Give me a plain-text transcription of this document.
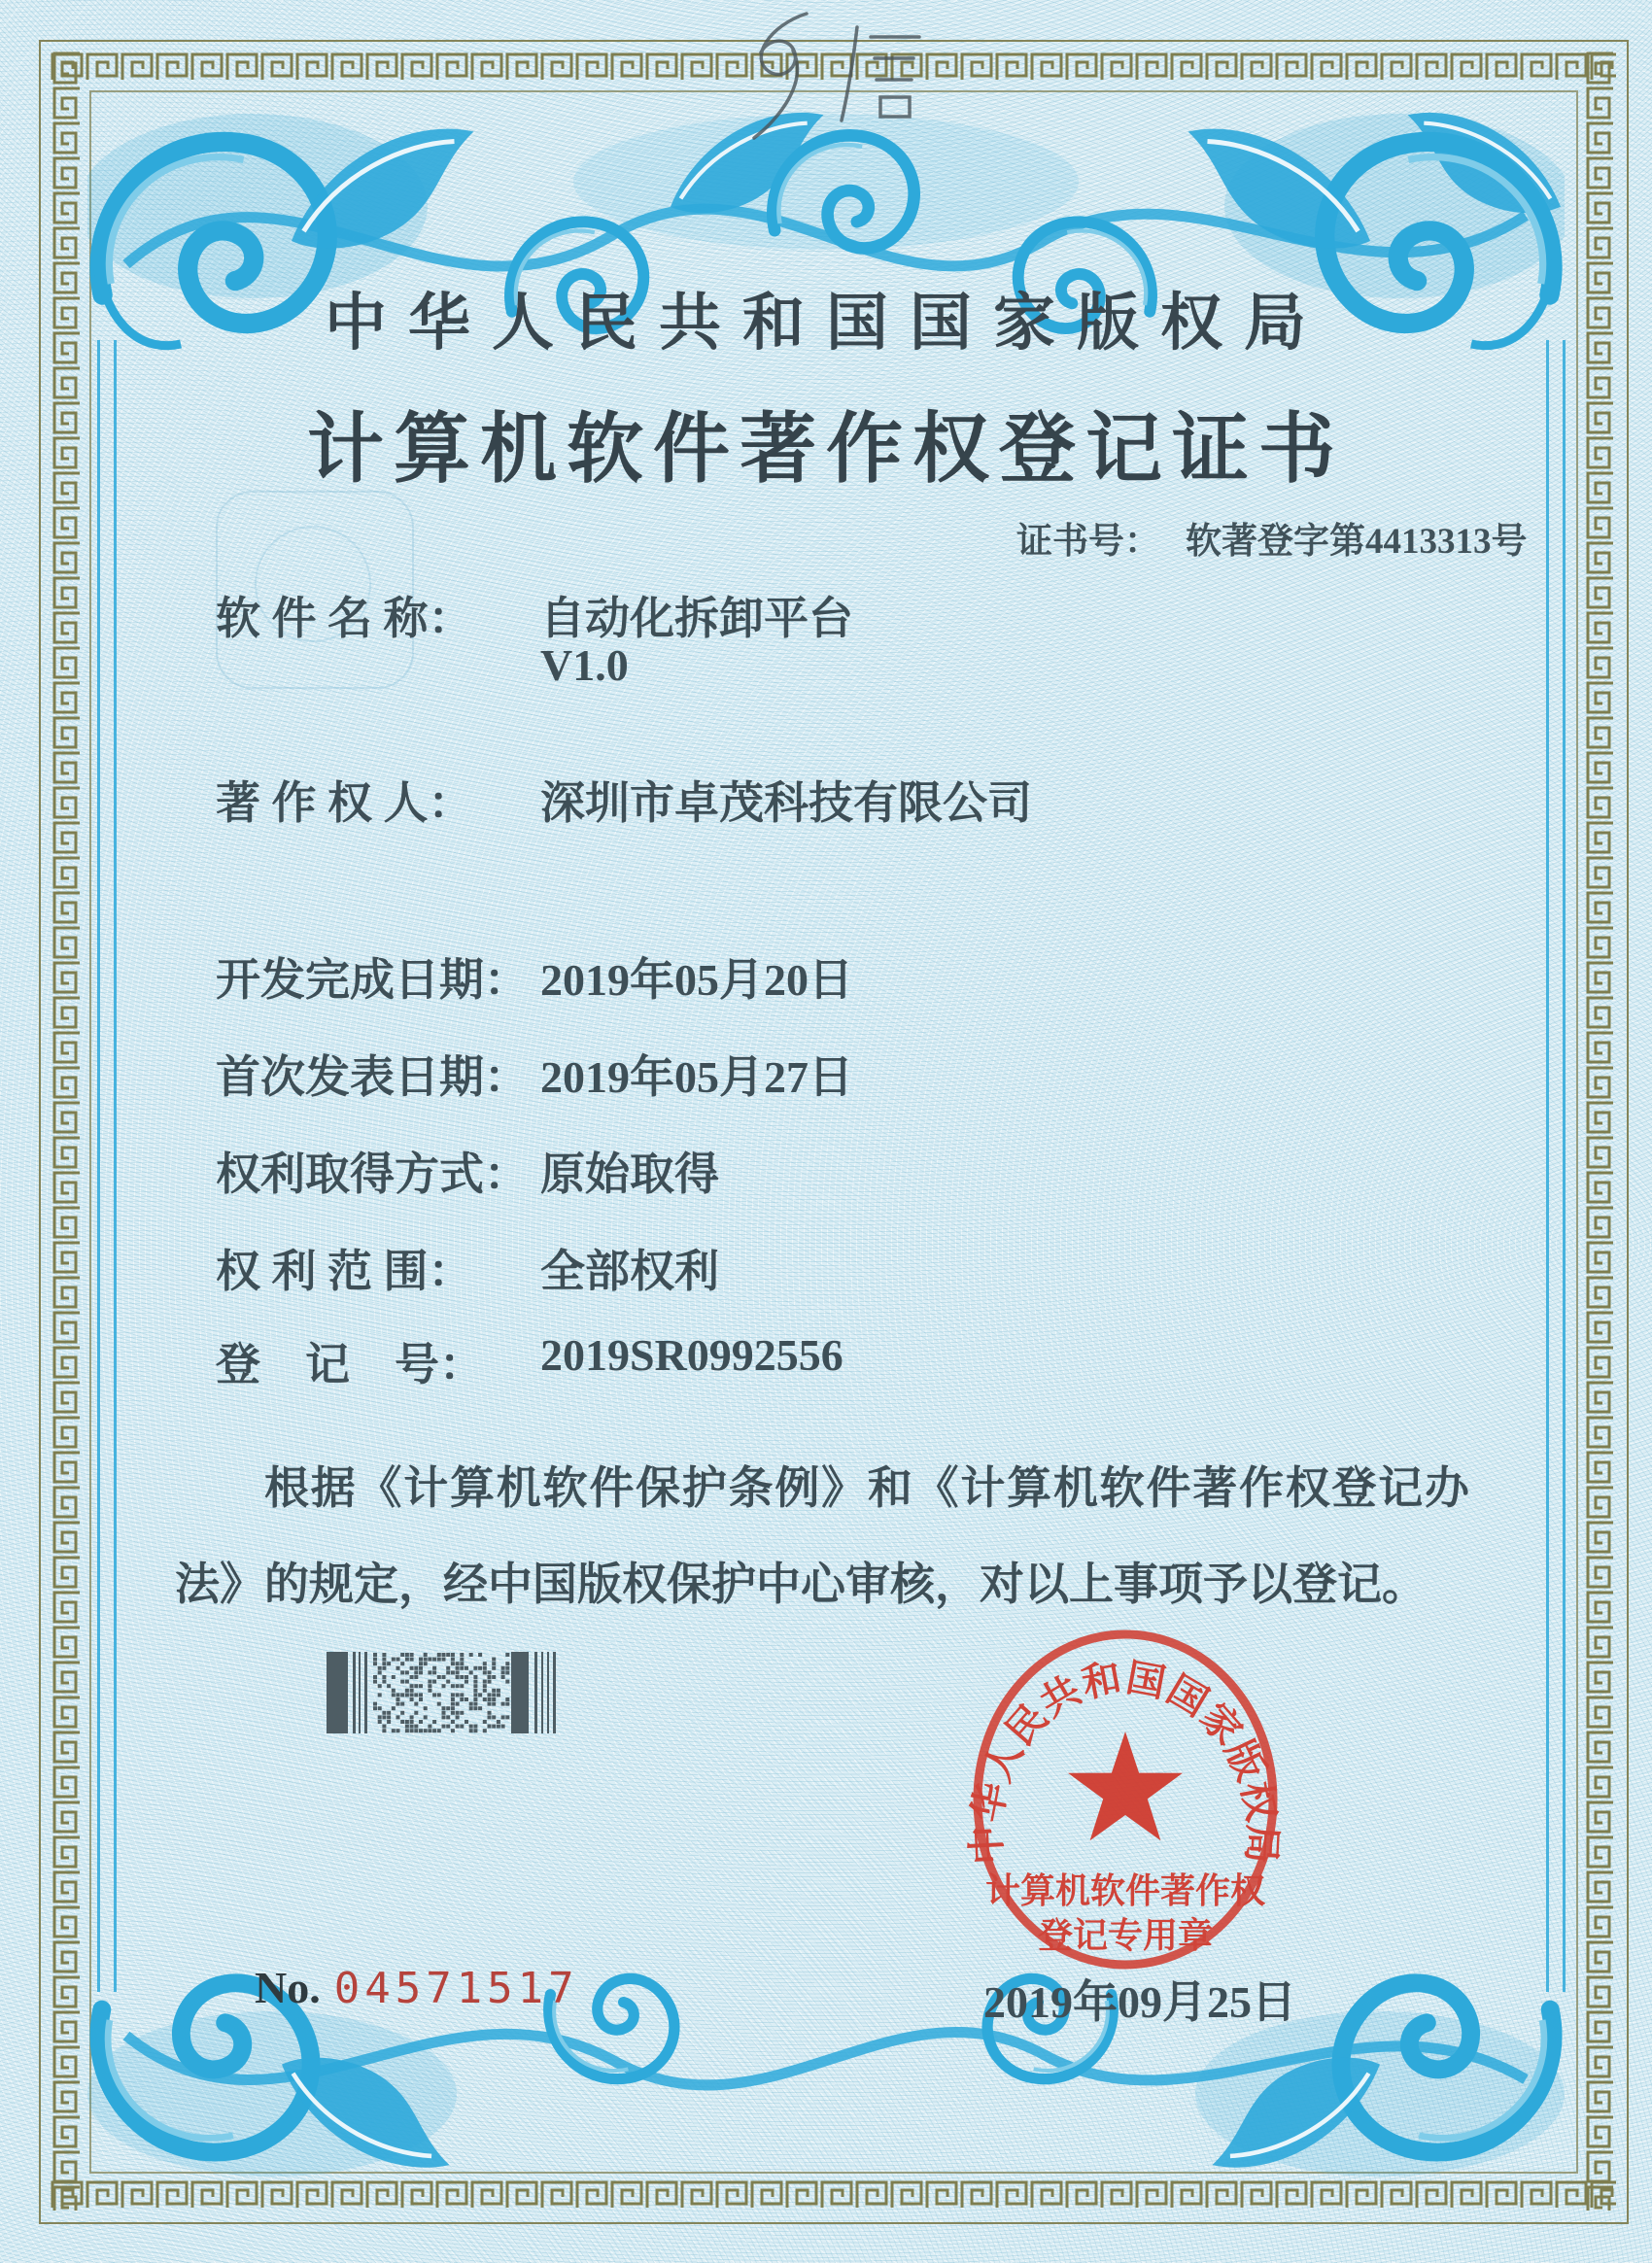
中华人民共和国国家版权局
计算机软件著作权登记证书
证书号： 软著登字第4413313号
软 件 名 称： 自动化拆卸平台
V1.0
著 作 权 人： 深圳市卓茂科技有限公司
开发完成日期： 2019年05月20日
首次发表日期： 2019年05月27日
权利取得方式： 原始取得
权 利 范 围： 全部权利
登　记　号： 2019SR0992556

根据《计算机软件保护条例》和《计算机软件著作权登记办法》的规定，经中国版权保护中心审核，对以上事项予以登记。

No. 04571517	2019年09月25日
中华人民共和国国家版权局
计算机软件著作权
登记专用章
